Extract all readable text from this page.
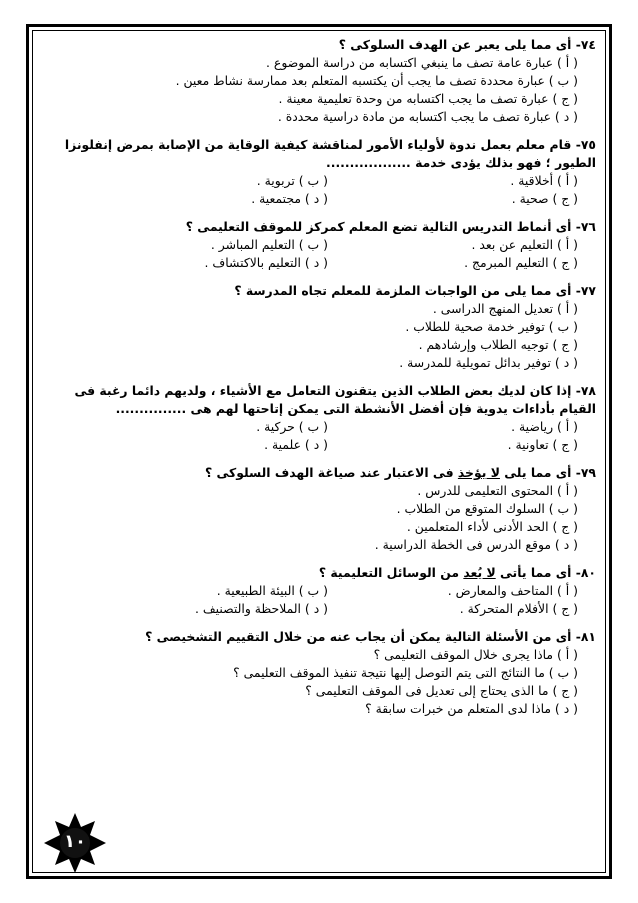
٧٤- أى مما يلى يعبر عن الهدف السلوكى ؟
( أ ) عبارة عامة تصف ما ينبغي اكتسابه من دراسة الموضوع .
( ب ) عبارة محددة تصف ما يجب أن يكتسبه المتعلم بعد ممارسة نشاط معين .
( ج ) عبارة تصف ما يجب اكتسابه من وحدة تعليمية معينة .
( د ) عبارة تصف ما يجب اكتسابه من مادة دراسية محددة .
٧٥- قام معلم بعمل ندوة لأولياء الأمور لمناقشة كيفية الوقاية من الإصابة بمرض إنفلونزا الطيور ؛ فهو بذلك يؤدى خدمة ..................
( أ ) أخلاقية .
( ب ) تربوية .
( ج ) صحية .
( د ) مجتمعية .
٧٦- أى أنماط التدريس التالية تضع المعلم كمركز للموقف التعليمى ؟
( أ ) التعليم عن بعد .
( ب ) التعليم المباشر .
( ج ) التعليم المبرمج .
( د ) التعليم بالاكتشاف .
٧٧- أى مما يلى من الواجبات الملزمة للمعلم تجاه المدرسة ؟
( أ ) تعديل المنهج الدراسى .
( ب ) توفير خدمة صحية للطلاب .
( ج ) توجيه الطلاب وإرشادهم .
( د ) توفير بدائل تمويلية للمدرسة .
٧٨- إذا كان لديك بعض الطلاب الذين يتقنون التعامل مع الأشياء ، ولديهم دائما رغبة فى القيام بأداءات يدوية فإن أفضل الأنشطة التى يمكن إتاحتها لهم هى ...............
( أ ) رياضية .
( ب ) حركية .
( ج ) تعاونية .
( د ) علمية .
٧٩- أى مما يلى لا يؤخذ فى الاعتبار عند صياغة الهدف السلوكى ؟
( أ ) المحتوى التعليمى للدرس .
( ب ) السلوك المتوقع من الطلاب .
( ج ) الحد الأدنى لأداء المتعلمين .
( د ) موقع الدرس فى الخطة الدراسية .
٨٠- أى مما يأتى لا يُعد من الوسائل التعليمية ؟
( أ ) المتاحف والمعارض .
( ب ) البيئة الطبيعية .
( ج ) الأفلام المتحركة .
( د ) الملاحظة والتصنيف .
٨١- أى من الأسئلة التالية يمكن أن يجاب عنه من خلال التقييم التشخيصى ؟
( أ ) ماذا يجرى خلال الموقف التعليمى ؟
( ب ) ما النتائج التى يتم التوصل إليها نتيجة تنفيذ الموقف التعليمى ؟
( ج ) ما الذى يحتاج إلى تعديل فى الموقف التعليمى ؟
( د ) ماذا لدى المتعلم من خبرات سابقة ؟
١٠
